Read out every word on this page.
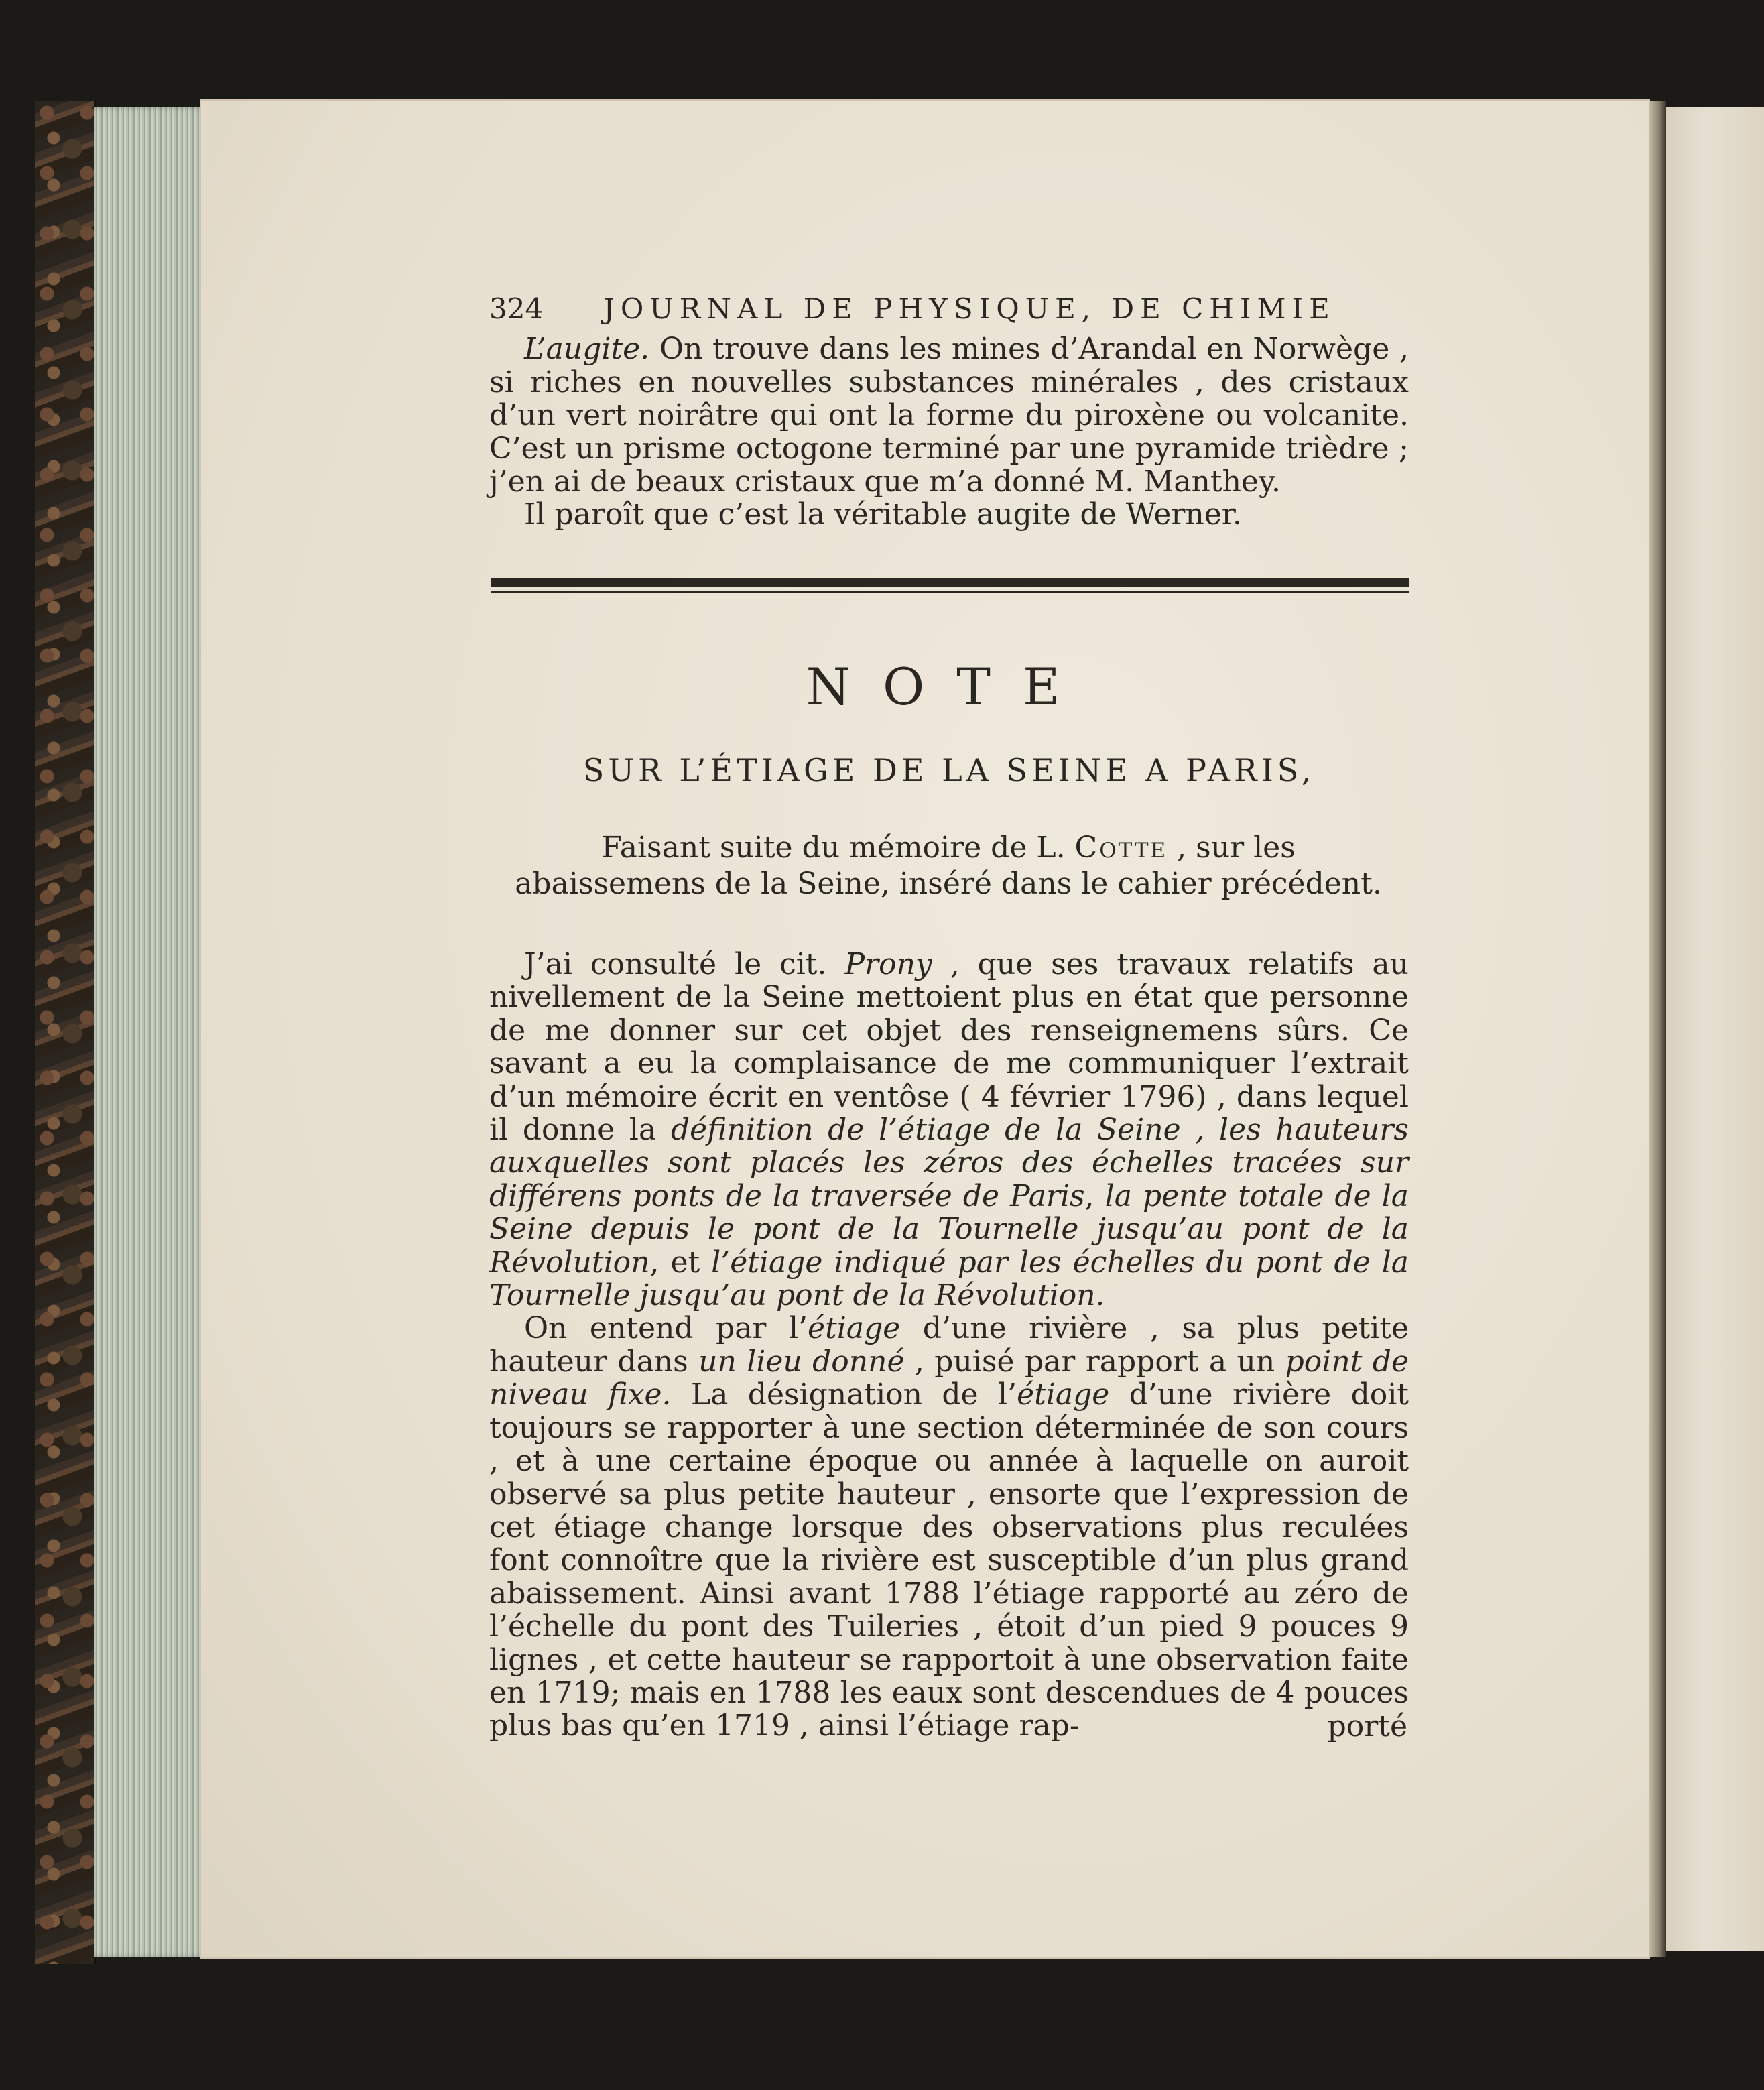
324 JOURNAL DE PHYSIQUE, DE CHIMIE
L’augite. On trouve dans les mines d’Arandal en Norwège , si riches en nouvelles substances minérales , des cristaux d’un vert noirâtre qui ont la forme du piroxène ou volcanite. C’est un prisme octogone terminé par une pyramide trièdre ; j’en ai de beaux cristaux que m’a donné M. Manthey.
Il paroît que c’est la véritable augite de Werner.
NOTE
SUR L’ÉTIAGE DE LA SEINE A PARIS,
Faisant suite du mémoire de L. Cotte , sur les abaissemens de la Seine, inséré dans le cahier précédent.

J’ai consulté le cit. Prony , que ses travaux relatifs au nivellement de la Seine mettoient plus en état que personne de me donner sur cet objet des renseignemens sûrs. Ce savant a eu la complaisance de me communiquer l’extrait d’un mémoire écrit en ventôse ( 4 février 1796) , dans lequel il donne la définition de l’étiage de la Seine , les hauteurs auxquelles sont placés les zéros des échelles tracées sur différens ponts de la traversée de Paris, la pente totale de la Seine depuis le pont de la Tournelle jusqu’au pont de la Révolution, et l’étiage indiqué par les échelles du pont de la Tournelle jusqu’au pont de la Révolution.

On entend par l’étiage d’une rivière , sa plus petite hauteur dans un lieu donné , puisé par rapport a un point de niveau fixe. La désignation de l’étiage d’une rivière doit toujours se rapporter à une section déterminée de son cours , et à une certaine époque ou année à laquelle on auroit observé sa plus petite hauteur , ensorte que l’expression de cet étiage change lorsque des observations plus reculées font connoître que la rivière est susceptible d’un plus grand abaissement. Ainsi avant 1788 l’étiage rapporté au zéro de l’échelle du pont des Tuileries , étoit d’un pied 9 pouces 9 lignes , et cette hauteur se rapportoit à une observation faite en 1719; mais en 1788 les eaux sont descendues de 4 pouces plus bas qu’en 1719 , ainsi l’étiage rap-	porté
